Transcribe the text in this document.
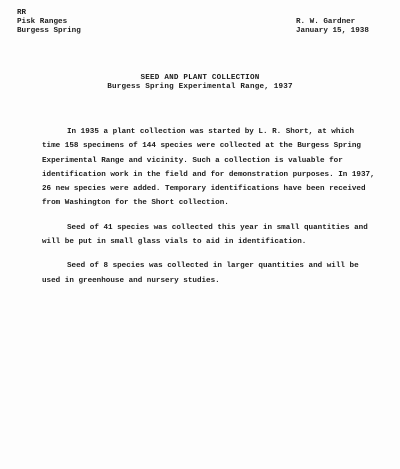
RR
Pisk Ranges
Burgess Spring
R. W. Gardner
January 15, 1938
SEED AND PLANT COLLECTION
Burgess Spring Experimental Range, 1937
In 1935 a plant collection was started by L. R. Short, at which
time 158 specimens of 144 species were collected at the Burgess Spring
Experimental Range and vicinity. Such a collection is valuable for
identification work in the field and for demonstration purposes. In 1937,
26 new species were added. Temporary identifications have been received
from Washington for the Short collection.
Seed of 41 species was collected this year in small quantities and
will be put in small glass vials to aid in identification.
Seed of 8 species was collected in larger quantities and will be
used in greenhouse and nursery studies.
